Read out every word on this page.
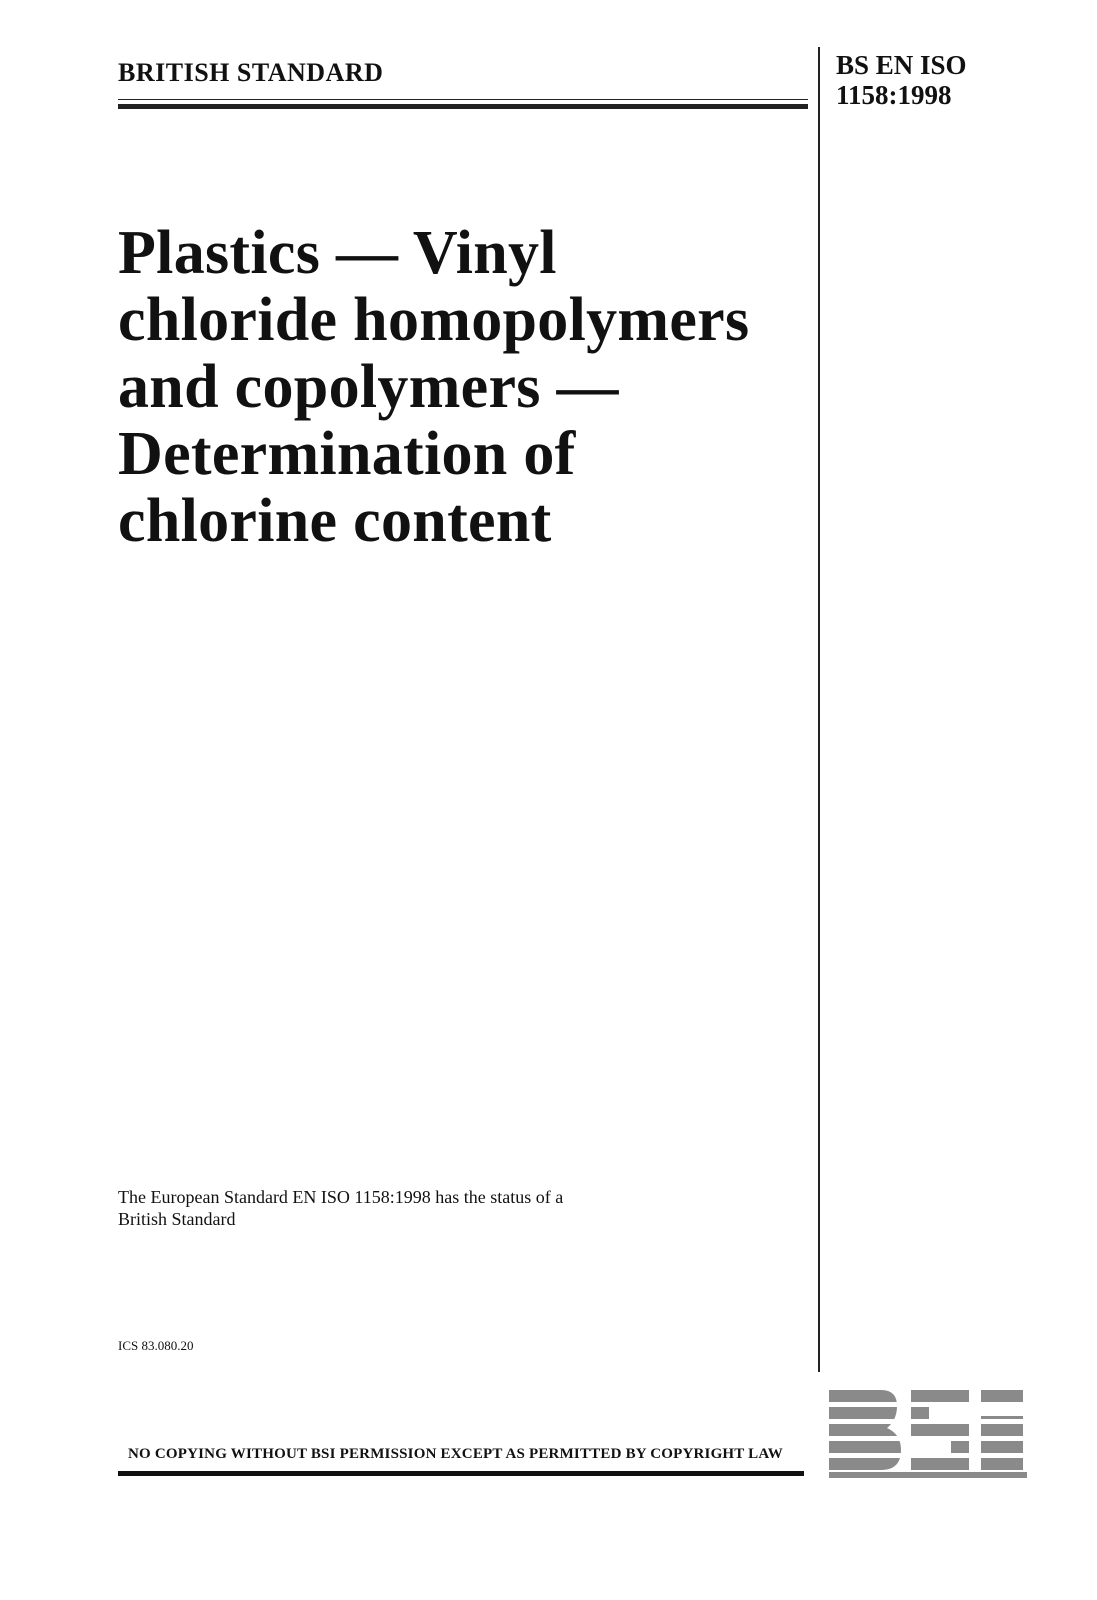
BRITISH STANDARD	BS EN ISO
1158:1998
Plastics — Vinyl
chloride homopolymers
and copolymers —
Determination of
chlorine content
The European Standard EN ISO 1158:1998 has the status of a
British Standard
ICS 83.080.20
NO COPYING WITHOUT BSI PERMISSION EXCEPT AS PERMITTED BY COPYRIGHT LAW
